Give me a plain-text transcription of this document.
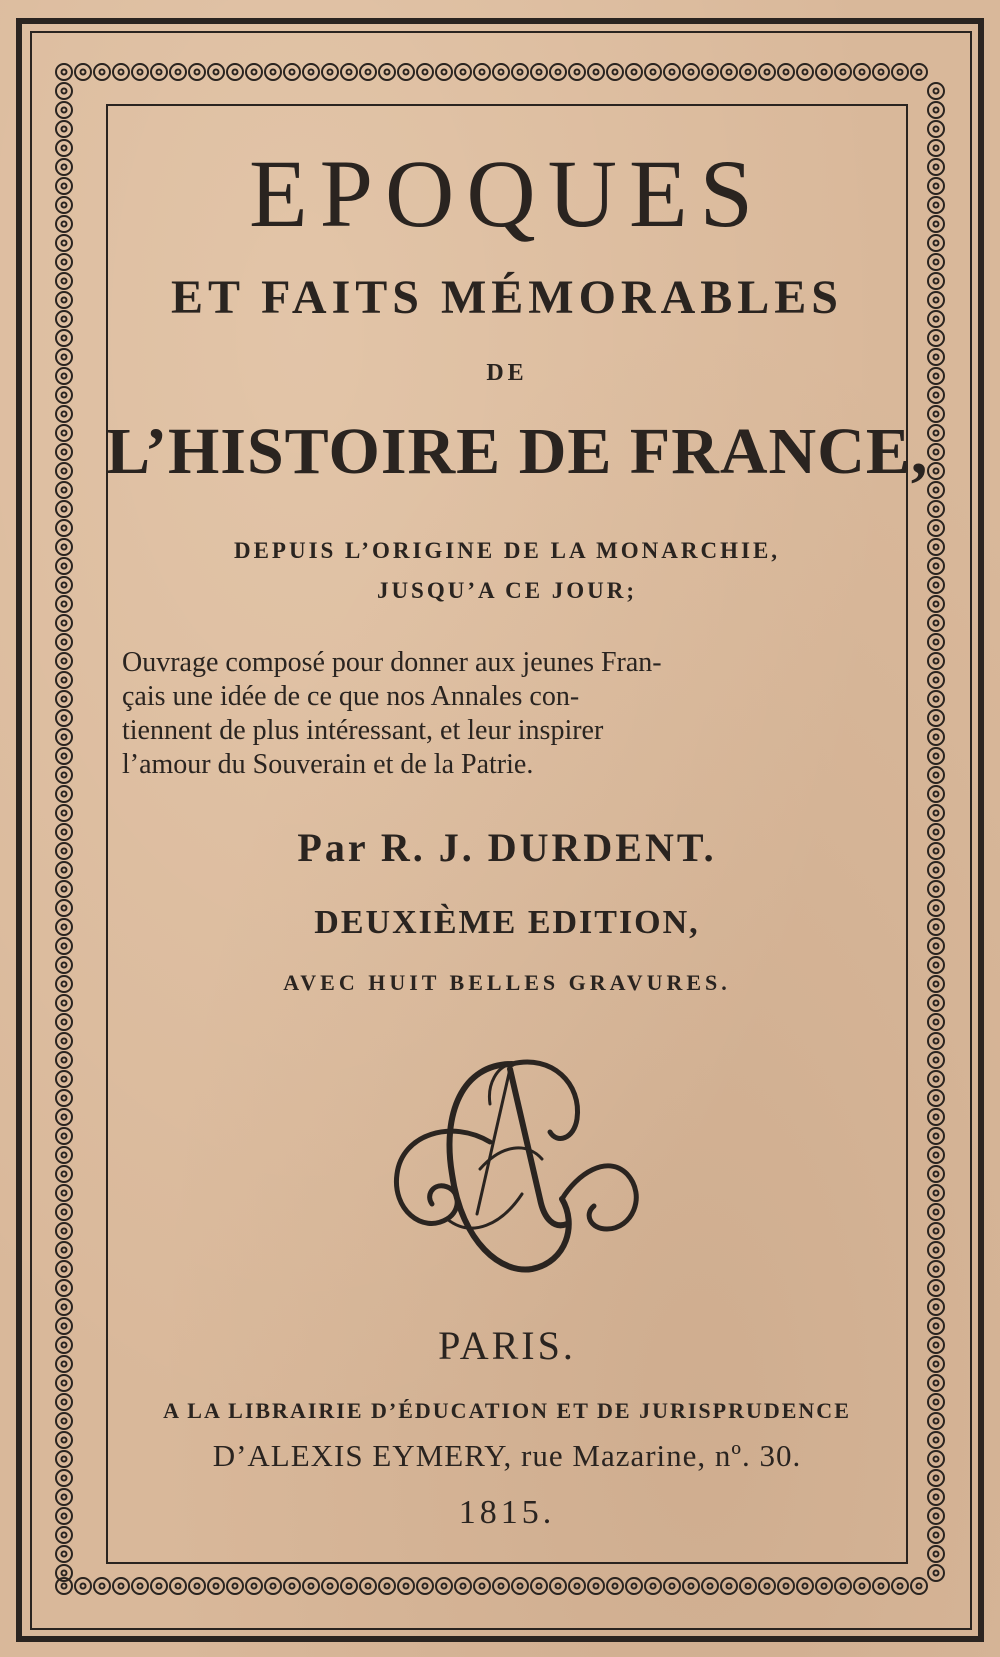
EPOQUES
ET FAITS MÉMORABLES
DE
L’HISTOIRE DE FRANCE,
DEPUIS L’ORIGINE DE LA MONARCHIE,
JUSQU’A CE JOUR;
Ouvrage composé pour donner aux jeunes Fran-
çais une idée de ce que nos Annales con-
tiennent de plus intéressant, et leur inspirer
l’amour du Souverain et de la Patrie.
Par R. J. DURDENT.
DEUXIÈME EDITION,
AVEC HUIT BELLES GRAVURES.
PARIS.
A LA LIBRAIRIE D’ÉDUCATION ET DE JURISPRUDENCE
D’ALEXIS EYMERY, rue Mazarine, nº. 30.
1815.
